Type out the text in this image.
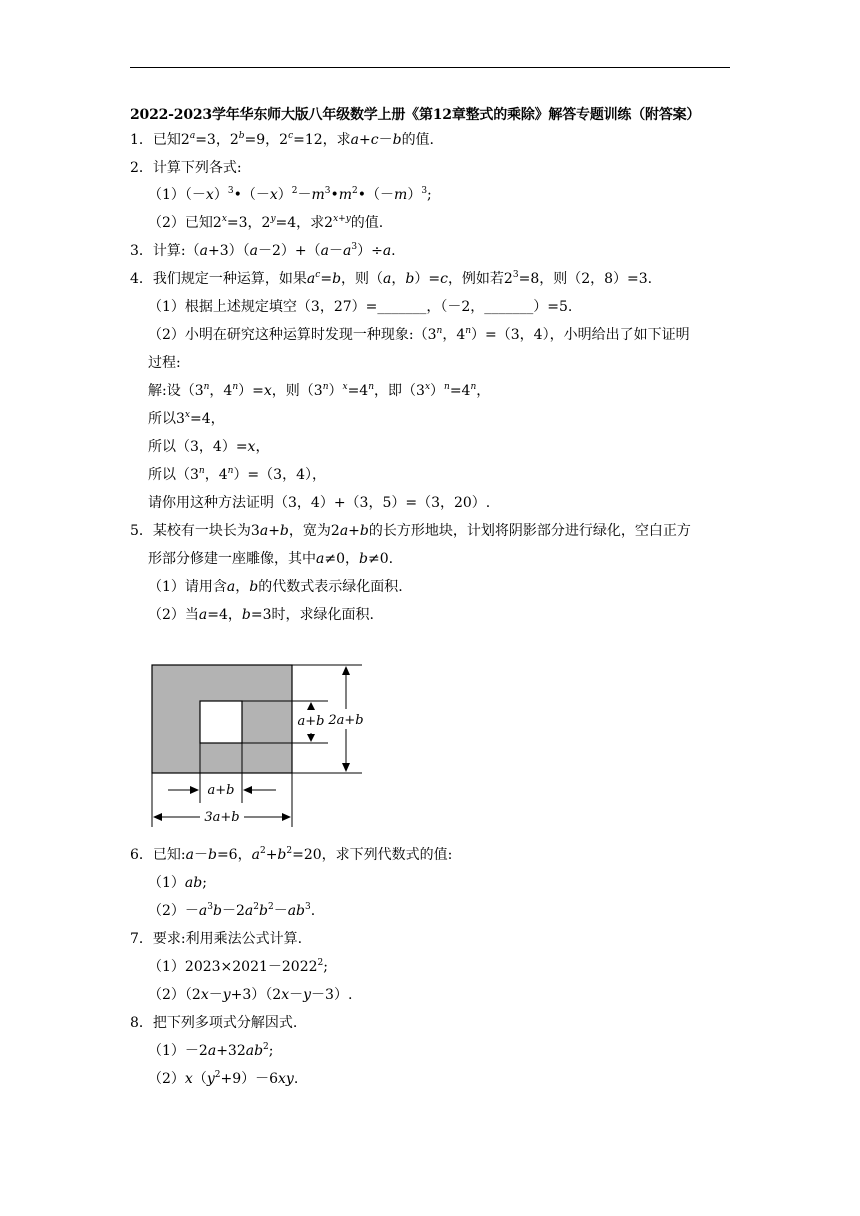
2022-2023学年华东师大版八年级数学上册《第12章整式的乘除》解答专题训练（附答案）
1．已知$2^a=3$，$2^b=9$，$2^c=12$，求a+c－b的值.
2．计算下列各式:
$(1)(-x)^3•(-x)^2-m^3•m^2•(-m)^3$;
（2）已知$2^x=3$，$2^y=4$，求$2^{x+y}$的值.
3．计算$:(a+3)(a-2)+(a-a^3)\div a$.
4．我们规定一种运算，如果$a^c=b$，则（a，b）=c，例如若$2^3=8$，则（2，8）=3.
（1）根据上述规定填空（3，27）=_______，（－2，_______）=5.
（2）小明在研究这种运算时发现一种现象:（3$^n$，$4^n)=(3$，4），小明给出了如下证明
过程:
解:设（3$^n$，$4^n)=x$，则$(3^n)^x=4^n$，即$(3^x)^n=4^n$，
所以$3^x=4$，
所以（3，4）=x，
所以（3$^n$，$4^n)=(3$，4），
请你用这种方法证明（3，4）+（3，5）=（3，20）.
5．某校有一块长为3a+b，宽为2a+b的长方形地块，计划将阴影部分进行绿化，空白正方
形部分修建一座雕像，其中a≠0，b≠0.
（1）请用含a，b的代数式表示绿化面积.
（2）当a=4，b=3时，求绿化面积.
a+b 2a+b
a+b
3a+b
6．已知:a－b=6，$a^2+b^2=20$，求下列代数式的值:
（1）ab;
$(2)-a^3b-2a^2b^2-ab^3$.
7．要求:利用乘法公式计算.
$(1)2023\times 2021-2022^2$;
（2）（2x－y+3）（2x－y－3）.
8．把下列多项式分解因式.
$(1)-2a+32ab^2$;
$(2)x(y^2+9)-6xy$.
